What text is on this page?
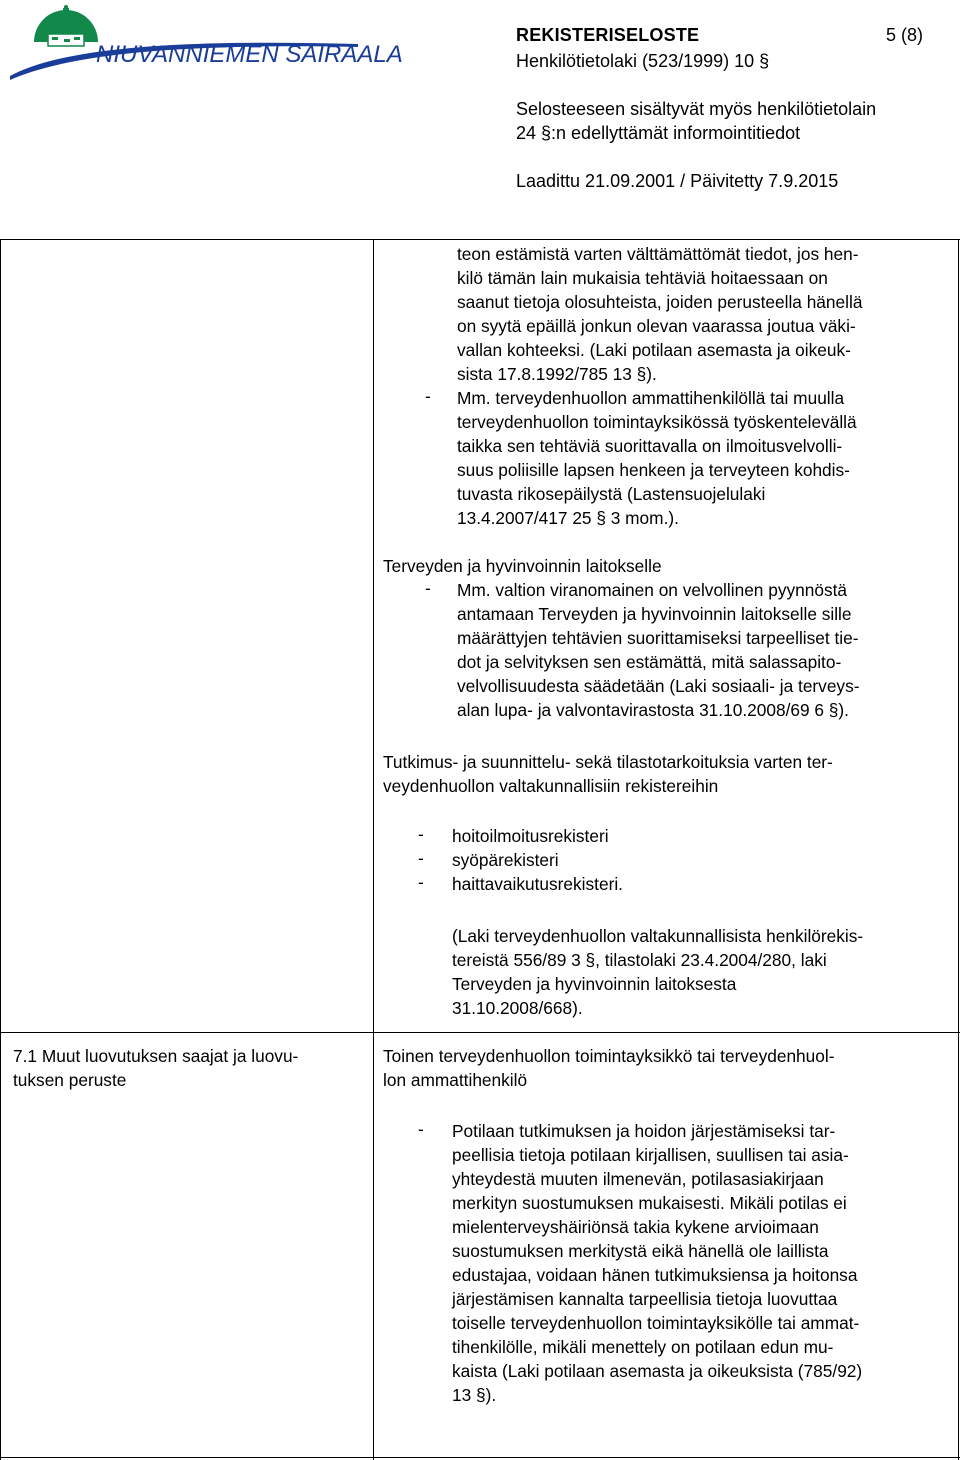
NIUVANNIEMEN SAIRAALA
REKISTERISELOSTE	5 (8)
Henkilötietolaki (523/1999) 10 §
Selosteeseen sisältyvät myös henkilötietolain
24 §:n edellyttämät informointitiedot
Laadittu 21.09.2001 / Päivitetty 7.9.2015
teon estämistä varten välttämättömät tiedot, jos hen-
kilö tämän lain mukaisia tehtäviä hoitaessaan on
saanut tietoja olosuhteista, joiden perusteella hänellä
on syytä epäillä jonkun olevan vaarassa joutua väki-
vallan kohteeksi. (Laki potilaan asemasta ja oikeuk-
sista 17.8.1992/785 13 §).
- Mm. terveydenhuollon ammattihenkilöllä tai muulla
terveydenhuollon toimintayksikössä työskentelevällä
taikka sen tehtäviä suorittavalla on ilmoitusvelvolli-
suus poliisille lapsen henkeen ja terveyteen kohdis-
tuvasta rikosepäilystä (Lastensuojelulaki
13.4.2007/417 25 § 3 mom.).
Terveyden ja hyvinvoinnin laitokselle
- Mm. valtion viranomainen on velvollinen pyynnöstä
antamaan Terveyden ja hyvinvoinnin laitokselle sille
määrättyjen tehtävien suorittamiseksi tarpeelliset tie-
dot ja selvityksen sen estämättä, mitä salassapito-
velvollisuudesta säädetään (Laki sosiaali- ja terveys-
alan lupa- ja valvontavirastosta 31.10.2008/69 6 §).
Tutkimus- ja suunnittelu- sekä tilastotarkoituksia varten ter-
veydenhuollon valtakunnallisiin rekistereihin
- hoitoilmoitusrekisteri
- syöpärekisteri
- haittavaikutusrekisteri.
(Laki terveydenhuollon valtakunnallisista henkilörekis-
tereistä 556/89 3 §, tilastolaki 23.4.2004/280, laki
Terveyden ja hyvinvoinnin laitoksesta
31.10.2008/668).
7.1 Muut luovutuksen saajat ja luovu-
tuksen peruste
Toinen terveydenhuollon toimintayksikkö tai terveydenhuol-
lon ammattihenkilö
- Potilaan tutkimuksen ja hoidon järjestämiseksi tar-
peellisia tietoja potilaan kirjallisen, suullisen tai asia-
yhteydestä muuten ilmenevän, potilasasiakirjaan
merkityn suostumuksen mukaisesti. Mikäli potilas ei
mielenterveyshäiriönsä takia kykene arvioimaan
suostumuksen merkitystä eikä hänellä ole laillista
edustajaa, voidaan hänen tutkimuksiensa ja hoitonsa
järjestämisen kannalta tarpeellisia tietoja luovuttaa
toiselle terveydenhuollon toimintayksikölle tai ammat-
tihenkilölle, mikäli menettely on potilaan edun mu-
kaista (Laki potilaan asemasta ja oikeuksista (785/92)
13 §).
